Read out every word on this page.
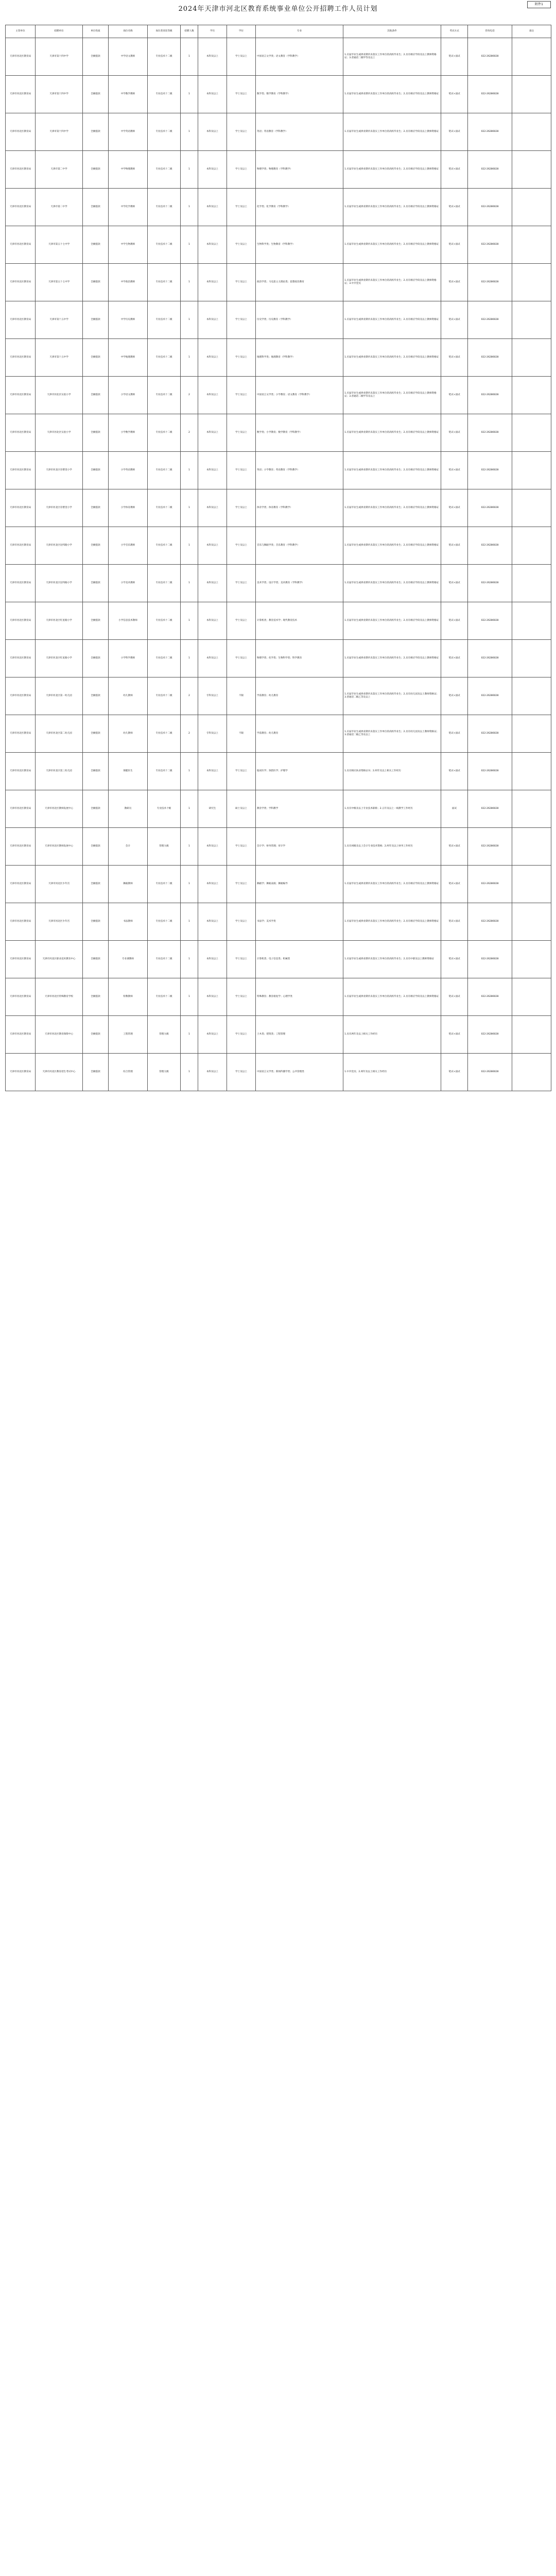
2024年天津市河北区教育系统事业单位公开招聘工作人员计划
附件1
主管单位	招聘单位	单位性质	岗位名称	岗位类别及等级	招聘人数	学历	学位	专业	其他条件	考试方式	咨询电话	备注
天津市河北区教育局	天津市第十四中学	全额拨款	中学语文教师	专业技术十二级	1	本科及以上	学士及以上	中国语言文学类；语文教育（学科教学）	1.应届毕业生或择业期内未落实工作单位的高校毕业生；2.具有相应学段及以上教师资格证；3.普通话二级甲等及以上	笔试+面试	022-26286028	
天津市河北区教育局	天津市第十四中学	全额拨款	中学数学教师	专业技术十二级	1	本科及以上	学士及以上	数学类；数学教育（学科教学）	1.应届毕业生或择业期内未落实工作单位的高校毕业生；2.具有相应学段及以上教师资格证	笔试+面试	022-26286028	
天津市河北区教育局	天津市第十四中学	全额拨款	中学英语教师	专业技术十二级	1	本科及以上	学士及以上	英语；英语教育（学科教学）	1.应届毕业生或择业期内未落实工作单位的高校毕业生；2.具有相应学段及以上教师资格证	笔试+面试	022-26286028	
天津市河北区教育局	天津市第二中学	全额拨款	中学物理教师	专业技术十二级	1	本科及以上	学士及以上	物理学类；物理教育（学科教学）	1.应届毕业生或择业期内未落实工作单位的高校毕业生；2.具有相应学段及以上教师资格证	笔试+面试	022-26286028	
天津市河北区教育局	天津市第二中学	全额拨款	中学化学教师	专业技术十二级	1	本科及以上	学士及以上	化学类；化学教育（学科教学）	1.应届毕业生或择业期内未落实工作单位的高校毕业生；2.具有相应学段及以上教师资格证	笔试+面试	022-26286028	
天津市河北区教育局	天津市第五十七中学	全额拨款	中学生物教师	专业技术十二级	1	本科及以上	学士及以上	生物科学类；生物教育（学科教学）	1.应届毕业生或择业期内未落实工作单位的高校毕业生；2.具有相应学段及以上教师资格证	笔试+面试	022-26286028	
天津市河北区教育局	天津市第五十七中学	全额拨款	中学政治教师	专业技术十二级	1	本科及以上	学士及以上	政治学类；马克思主义理论类；思想政治教育	1.应届毕业生或择业期内未落实工作单位的高校毕业生；2.具有相应学段及以上教师资格证；3.中共党员	笔试+面试	022-26286028	
天津市河北区教育局	天津市第十五中学	全额拨款	中学历史教师	专业技术十二级	1	本科及以上	学士及以上	历史学类；历史教育（学科教学）	1.应届毕业生或择业期内未落实工作单位的高校毕业生；2.具有相应学段及以上教师资格证	笔试+面试	022-26286028	
天津市河北区教育局	天津市第十五中学	全额拨款	中学地理教师	专业技术十二级	1	本科及以上	学士及以上	地理科学类；地理教育（学科教学）	1.应届毕业生或择业期内未落实工作单位的高校毕业生；2.具有相应学段及以上教师资格证	笔试+面试	022-26286028	
天津市河北区教育局	天津市河北区实验小学	全额拨款	小学语文教师	专业技术十二级	2	本科及以上	学士及以上	中国语言文学类；小学教育；语文教育（学科教学）	1.应届毕业生或择业期内未落实工作单位的高校毕业生；2.具有相应学段及以上教师资格证；3.普通话二级甲等及以上	笔试+面试	022-26286028	
天津市河北区教育局	天津市河北区实验小学	全额拨款	小学数学教师	专业技术十二级	2	本科及以上	学士及以上	数学类；小学教育；数学教育（学科教学）	1.应届毕业生或择业期内未落实工作单位的高校毕业生；2.具有相应学段及以上教师资格证	笔试+面试	022-26286028	
天津市河北区教育局	天津市河北区育婴里小学	全额拨款	小学英语教师	专业技术十二级	1	本科及以上	学士及以上	英语；小学教育；英语教育（学科教学）	1.应届毕业生或择业期内未落实工作单位的高校毕业生；2.具有相应学段及以上教师资格证	笔试+面试	022-26286028	
天津市河北区教育局	天津市河北区育婴里小学	全额拨款	小学体育教师	专业技术十二级	1	本科及以上	学士及以上	体育学类；体育教育（学科教学）	1.应届毕业生或择业期内未落实工作单位的高校毕业生；2.具有相应学段及以上教师资格证	笔试+面试	022-26286028	
天津市河北区教育局	天津市河北区昆纬路小学	全额拨款	小学音乐教师	专业技术十二级	1	本科及以上	学士及以上	音乐与舞蹈学类；音乐教育（学科教学）	1.应届毕业生或择业期内未落实工作单位的高校毕业生；2.具有相应学段及以上教师资格证	笔试+面试	022-26286028	
天津市河北区教育局	天津市河北区昆纬路小学	全额拨款	小学美术教师	专业技术十二级	1	本科及以上	学士及以上	美术学类；设计学类；美术教育（学科教学）	1.应届毕业生或择业期内未落实工作单位的高校毕业生；2.具有相应学段及以上教师资格证	笔试+面试	022-26286028	
天津市河北区教育局	天津市河北区红星路小学	全额拨款	小学信息技术教师	专业技术十二级	1	本科及以上	学士及以上	计算机类；教育技术学；现代教育技术	1.应届毕业生或择业期内未落实工作单位的高校毕业生；2.具有相应学段及以上教师资格证	笔试+面试	022-26286028	
天津市河北区教育局	天津市河北区红星路小学	全额拨款	小学科学教师	专业技术十二级	1	本科及以上	学士及以上	物理学类；化学类；生物科学类；科学教育	1.应届毕业生或择业期内未落实工作单位的高校毕业生；2.具有相应学段及以上教师资格证	笔试+面试	022-26286028	
天津市河北区教育局	天津市河北区第一幼儿园	全额拨款	幼儿教师	专业技术十二级	2	专科及以上	不限	学前教育；幼儿教育	1.应届毕业生或择业期内未落实工作单位的高校毕业生；2.具有幼儿园及以上教师资格证；3.普通话二级乙等及以上	笔试+面试	022-26286028	
天津市河北区教育局	天津市河北区第二幼儿园	全额拨款	幼儿教师	专业技术十二级	2	专科及以上	不限	学前教育；幼儿教育	1.应届毕业生或择业期内未落实工作单位的高校毕业生；2.具有幼儿园及以上教师资格证；3.普通话二级乙等及以上	笔试+面试	022-26286028	
天津市河北区教育局	天津市河北区第三幼儿园	全额拨款	保健医生	专业技术十二级	1	本科及以上	学士及以上	临床医学；预防医学；护理学	1.具有相应执业资格证书；2.两年及以上相关工作经历	笔试+面试	022-26286028	
天津市河北区教育局	天津市河北区教师发展中心	全额拨款	教研员	专业技术十级	1	研究生	硕士及以上	教育学类；学科教学	1.具有中级及以上专业技术职称；2.五年及以上一线教学工作经历	面试	022-26286028	
天津市河北区教育局	天津市河北区教师发展中心	全额拨款	会计	管理九级	1	本科及以上	学士及以上	会计学；财务管理；审计学	1.具有初级及以上会计专业技术资格；2.两年及以上财务工作经历	笔试+面试	022-26286028	
天津市河北区教育局	天津市河北区少年宫	全额拨款	舞蹈教师	专业技术十二级	1	本科及以上	学士及以上	舞蹈学；舞蹈表演；舞蹈编导	1.应届毕业生或择业期内未落实工作单位的高校毕业生；2.具有相应学段及以上教师资格证	笔试+面试	022-26286028	
天津市河北区教育局	天津市河北区少年宫	全额拨款	书法教师	专业技术十二级	1	本科及以上	学士及以上	书法学；美术学类	1.应届毕业生或择业期内未落实工作单位的高校毕业生；2.具有相应学段及以上教师资格证	笔试+面试	022-26286028	
天津市河北区教育局	天津市河北区职业技术教育中心	全额拨款	专业课教师	专业技术十二级	1	本科及以上	学士及以上	计算机类；电子信息类；机械类	1.应届毕业生或择业期内未落实工作单位的高校毕业生；2.具有中职及以上教师资格证	笔试+面试	022-26286028	
天津市河北区教育局	天津市河北区特殊教育学校	全额拨款	特教教师	专业技术十二级	1	本科及以上	学士及以上	特殊教育；教育康复学；心理学类	1.应届毕业生或择业期内未落实工作单位的高校毕业生；2.具有相应学段及以上教师资格证	笔试+面试	022-26286028	
天津市河北区教育局	天津市河北区教育保障中心	全额拨款	工程管理	管理九级	1	本科及以上	学士及以上	土木类；建筑类；工程管理	1.具有两年及以上相关工作经历	笔试+面试	022-26286028	
天津市河北区教育局	天津市河北区教育招生考试中心	全额拨款	综合管理	管理九级	1	本科及以上	学士及以上	中国语言文学类；新闻传播学类；公共管理类	1.中共党员；2.两年及以上相关工作经历	笔试+面试	022-26286028	
